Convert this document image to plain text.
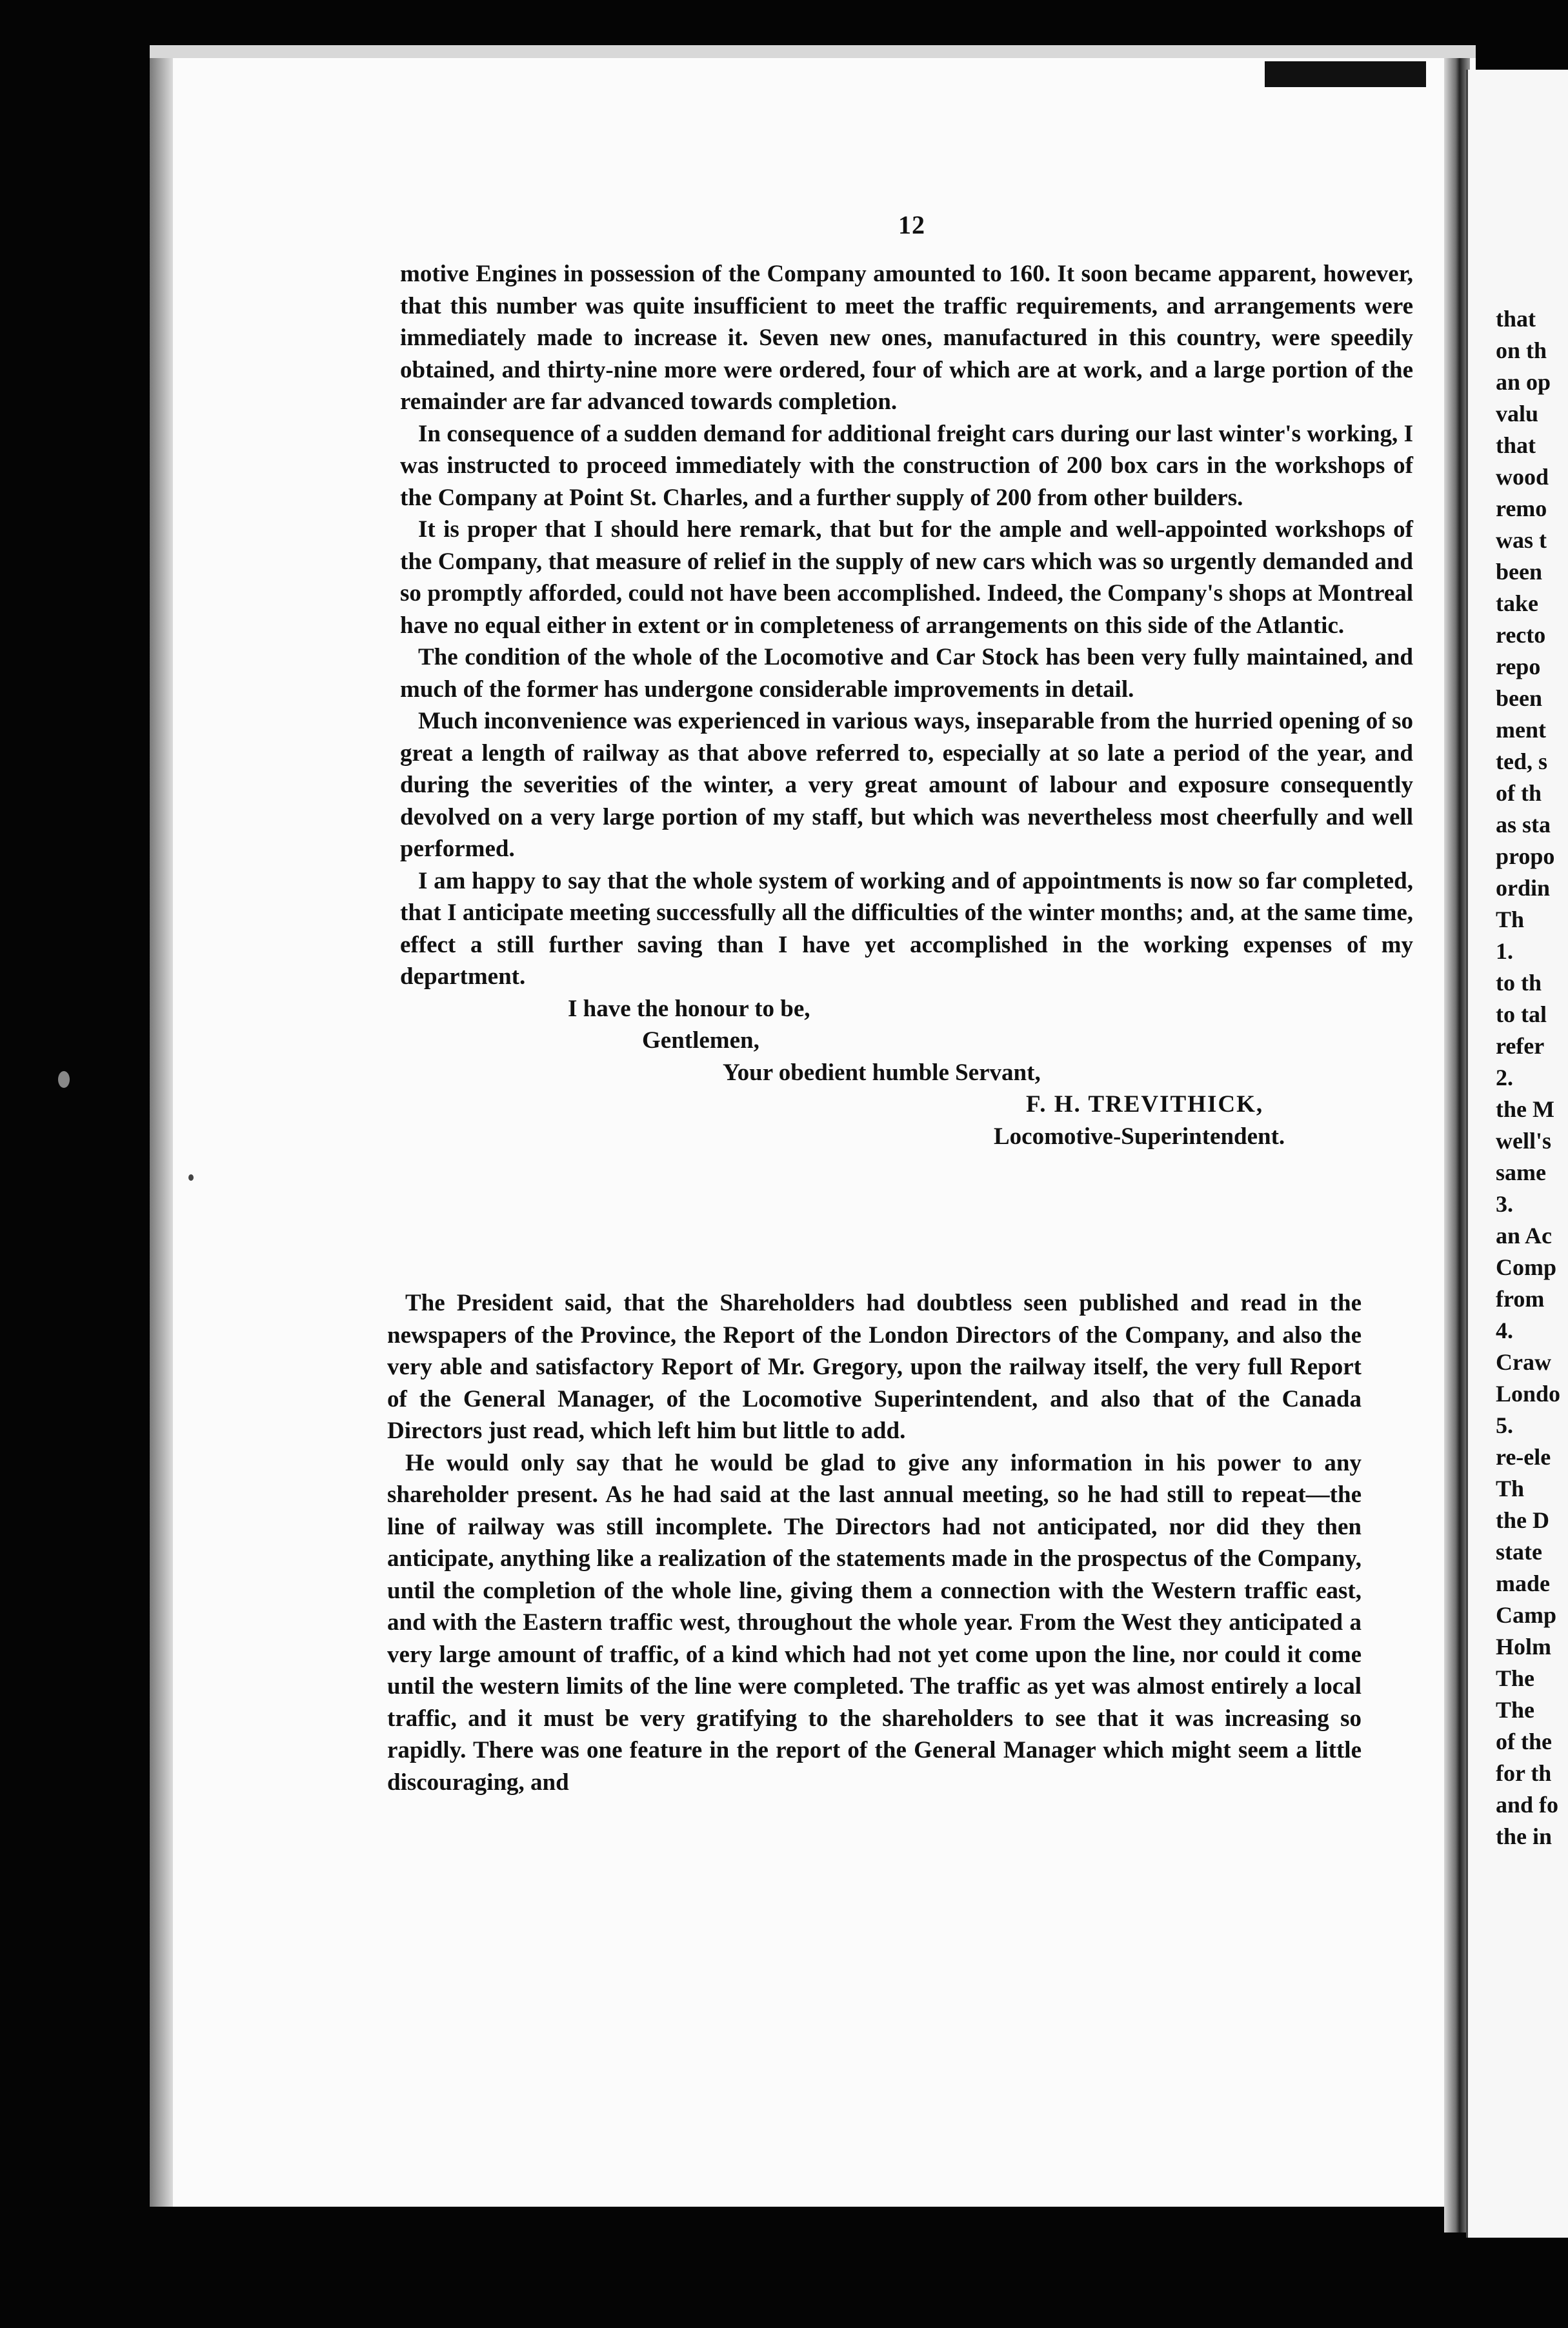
12

motive Engines in possession of the Company amounted to 160. It soon became apparent, however, that this number was quite insufficient to meet the traffic requirements, and arrangements were immediately made to increase it. Seven new ones, manufactured in this country, were speedily obtained, and thirty-nine more were ordered, four of which are at work, and a large portion of the remainder are far advanced towards completion.

In consequence of a sudden demand for additional freight cars during our last winter's working, I was instructed to proceed immediately with the construction of 200 box cars in the workshops of the Company at Point St. Charles, and a further supply of 200 from other builders.

It is proper that I should here remark, that but for the ample and well-appointed workshops of the Company, that measure of relief in the supply of new cars which was so urgently demanded and so promptly afforded, could not have been accomplished. Indeed, the Company's shops at Montreal have no equal either in extent or in completeness of arrangements on this side of the Atlantic.

The condition of the whole of the Locomotive and Car Stock has been very fully maintained, and much of the former has undergone considerable improvements in detail.

Much inconvenience was experienced in various ways, inseparable from the hurried opening of so great a length of railway as that above referred to, especially at so late a period of the year, and during the severities of the winter, a very great amount of labour and exposure consequently devolved on a very large portion of my staff, but which was nevertheless most cheerfully and well performed.

I am happy to say that the whole system of working and of appointments is now so far completed, that I anticipate meeting successfully all the difficulties of the winter months; and, at the same time, effect a still further saving than I have yet accomplished in the working expenses of my department.

I have the honour to be,
Gentlemen,
Your obedient humble Servant,
F. H. TREVITHICK,
Locomotive-Superintendent.

The President said, that the Shareholders had doubtless seen published and read in the newspapers of the Province, the Report of the London Directors of the Company, and also the very able and satisfactory Report of Mr. Gregory, upon the railway itself, the very full Report of the General Manager, of the Locomotive Superintendent, and also that of the Canada Directors just read, which left him but little to add.

He would only say that he would be glad to give any information in his power to any shareholder present. As he had said at the last annual meeting, so he had still to repeat—the line of railway was still incomplete. The Directors had not anticipated, nor did they then anticipate, anything like a realization of the statements made in the prospectus of the Company, until the completion of the whole line, giving them a connection with the Western traffic east, and with the Eastern traffic west, throughout the whole year. From the West they anticipated a very large amount of traffic, of a kind which had not yet come upon the line, nor could it come until the western limits of the line were completed. The traffic as yet was almost entirely a local traffic, and it must be very gratifying to the shareholders to see that it was increasing so rapidly. There was one feature in the report of the General Manager which might seem a little discouraging, and

that
on th
an op
valu
that
wood
remo
was t
been
take
recto
repo
been
ment
ted, s
of th
as sta
propo
ordin
Th
1.
to th
to tal
refer
2.
the M
well's
same
3.
an Ac
Comp
from
4.
Craw
Londo
5.
re-ele
Th
the D
state
made
Camp
Holm
The
The
of the
for th
and fo
the in
